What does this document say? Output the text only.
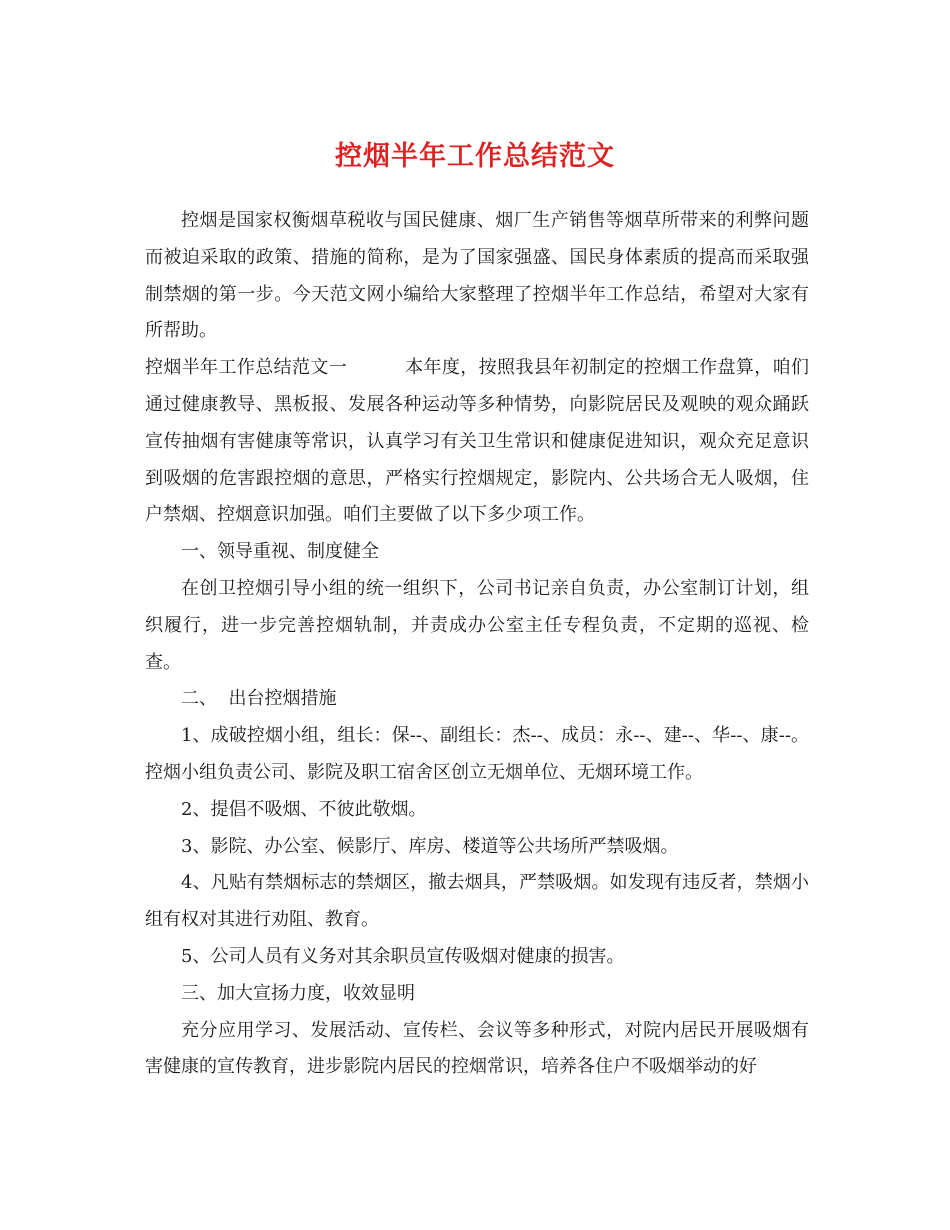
控烟半年工作总结范文

控烟是国家权衡烟草税收与国民健康、烟厂生产销售等烟草所带来的利弊问题而被迫采取的政策、措施的简称，是为了国家强盛、国民身体素质的提高而采取强制禁烟的第一步。今天范文网小编给大家整理了控烟半年工作总结，希望对大家有所帮助。

控烟半年工作总结范文一	本年度，按照我县年初制定的控烟工作盘算，咱们通过健康教导、黑板报、发展各种运动等多种情势，向影院居民及观映的观众踊跃宣传抽烟有害健康等常识，认真学习有关卫生常识和健康促进知识，观众充足意识到吸烟的危害跟控烟的意思，严格实行控烟规定，影院内、公共场合无人吸烟，住户禁烟、控烟意识加强。咱们主要做了以下多少项工作。

一、领导重视、制度健全

在创卫控烟引导小组的统一组织下，公司书记亲自负责，办公室制订计划，组织履行，进一步完善控烟轨制，并责成办公室主任专程负责，不定期的巡视、检查。

二、  出台控烟措施

1、成破控烟小组，组长：保--、副组长：杰--、成员：永--、建--、华--、康--。控烟小组负责公司、影院及职工宿舍区创立无烟单位、无烟环境工作。

2、提倡不吸烟、不彼此敬烟。

3、影院、办公室、候影厅、库房、楼道等公共场所严禁吸烟。

4、凡贴有禁烟标志的禁烟区，撤去烟具，严禁吸烟。如发现有违反者，禁烟小组有权对其进行劝阻、教育。

5、公司人员有义务对其余职员宣传吸烟对健康的损害。

三、加大宣扬力度，收效显明

充分应用学习、发展活动、宣传栏、会议等多种形式，对院内居民开展吸烟有害健康的宣传教育，进步影院内居民的控烟常识，培养各住户不吸烟举动的好
